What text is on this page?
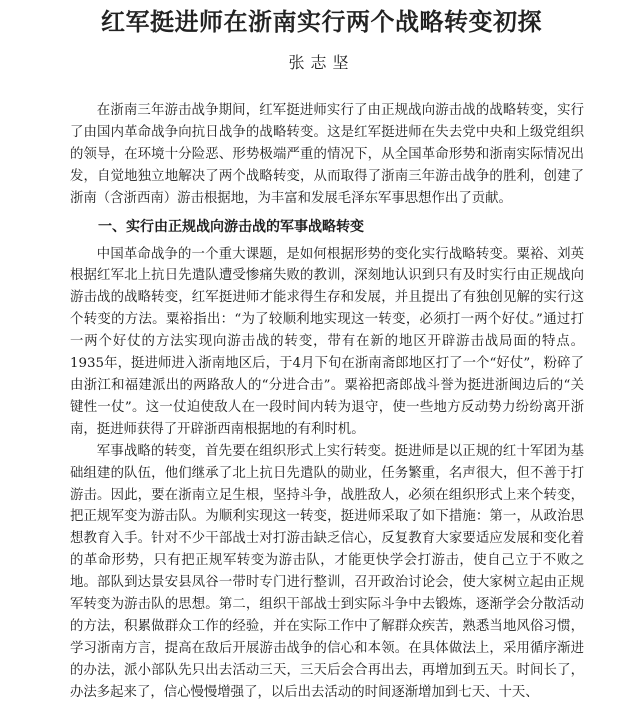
红军挺进师在浙南实行两个战略转变初探
张志坚

在浙南三年游击战争期间，红军挺进师实行了由正规战向游击战的战略转变，实行了由国内革命战争向抗日战争的战略转变。这是红军挺进师在失去党中央和上级党组织的领导，在环境十分险恶、形势极端严重的情况下，从全国革命形势和浙南实际情况出发，自觉地独立地解决了两个战略转变，从而取得了浙南三年游击战争的胜利，创建了浙南（含浙西南）游击根据地，为丰富和发展毛泽东军事思想作出了贡献。

一、实行由正规战向游击战的军事战略转变

中国革命战争的一个重大课题，是如何根据形势的变化实行战略转变。粟裕、刘英根据红军北上抗日先遣队遭受惨痛失败的教训，深刻地认识到只有及时实行由正规战向游击战的战略转变，红军挺进师才能求得生存和发展，并且提出了有独创见解的实行这个转变的方法。粟裕指出：“为了较顺利地实现这一转变，必须打一两个好仗。”通过打一两个好仗的方法实现向游击战的转变，带有在新的地区开辟游击战局面的特点。1935年，挺进师进入浙南地区后，于4月下旬在浙南斋郎地区打了一个“好仗”，粉碎了由浙江和福建派出的两路敌人的“分进合击”。粟裕把斋郎战斗誉为挺进浙闽边后的“关键性一仗”。这一仗迫使敌人在一段时间内转为退守，使一些地方反动势力纷纷离开浙南，挺进师获得了开辟浙西南根据地的有利时机。

军事战略的转变，首先要在组织形式上实行转变。挺进师是以正规的红十军团为基础组建的队伍，他们继承了北上抗日先遣队的勋业，任务繁重，名声很大，但不善于打游击。因此，要在浙南立足生根，坚持斗争，战胜敌人，必须在组织形式上来个转变，把正规军变为游击队。为顺利实现这一转变，挺进师采取了如下措施：第一，从政治思想教育入手。针对不少干部战士对打游击缺乏信心，反复教育大家要适应发展和变化着的革命形势，只有把正规军转变为游击队，才能更快学会打游击，使自己立于不败之地。部队到达景安县凤谷一带时专门进行整训，召开政治讨论会，使大家树立起由正规军转变为游击队的思想。第二，组织干部战士到实际斗争中去锻炼，逐渐学会分散活动的方法，积累做群众工作的经验，并在实际工作中了解群众疾苦，熟悉当地风俗习惯，学习浙南方言，提高在敌后开展游击战争的信心和本领。在具体做法上，采用循序渐进的办法，派小部队先只出去活动三天，三天后会合再出去，再增加到五天。时间长了，办法多起来了，信心慢慢增强了，以后出去活动的时间逐渐增加到七天、十天、
